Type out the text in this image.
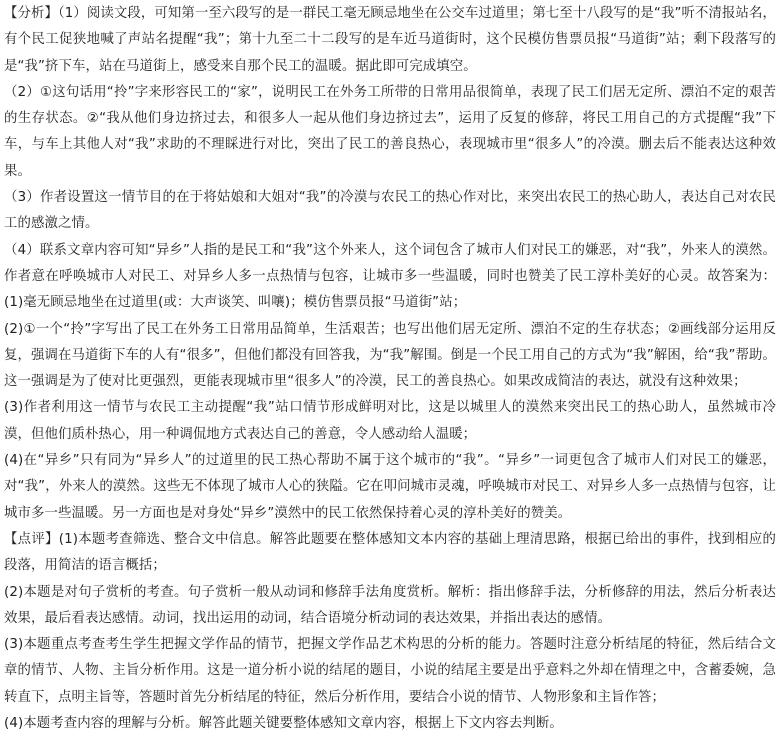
【分析】（1）阅读文段，可知第一至六段写的是一群民工毫无顾忌地坐在公交车过道里；第七至十八段写的是“我”听不清报站名，有个民工促狭地喊了声站名提醒“我”；第十九至二十二段写的是车近马道街时，这个民模仿售票员报“马道街”站；剩下段落写的是“我”挤下车，站在马道街上，感受来自那个民工的温暖。据此即可完成填空。

（2）①这句话用“拎”字来形容民工的“家”，说明民工在外务工所带的日常用品很简单，表现了民工们居无定所、漂泊不定的艰苦的生存状态。②“我从他们身边挤过去，和很多人一起从他们身边挤过去”，运用了反复的修辞，将民工用自己的方式提醒“我”下车，与车上其他人对“我”求助的不理睬进行对比，突出了民工的善良热心，表现城市里“很多人”的冷漠。删去后不能表达这种效果。

（3）作者设置这一情节目的在于将姑娘和大姐对“我”的冷漠与农民工的热心作对比，来突出农民工的热心助人，表达自己对农民工的感激之情。

（4）联系文章内容可知“异乡”人指的是民工和“我”这个外来人，这个词包含了城市人们对民工的嫌恶，对“我”，外来人的漠然。作者意在呼唤城市人对民工、对异乡人多一点热情与包容，让城市多一些温暖，同时也赞美了民工淳朴美好的心灵。故答案为：(1)毫无顾忌地坐在过道里(或：大声谈笑、叫嚷)；模仿售票员报“马道街”站；

(2)①一个“拎”字写出了民工在外务工日常用品简单，生活艰苦；也写出他们居无定所、漂泊不定的生存状态；②画线部分运用反复，强调在马道街下车的人有“很多”，但他们都没有回答我，为“我”解围。倒是一个民工用自己的方式为“我”解困，给“我”帮助。 这一强调是为了使对比更强烈，更能表现城市里“很多人”的冷漠，民工的善良热心。如果改成简洁的表达，就没有这种效果；

(3)作者利用这一情节与农民工主动提醒“我”站口情节形成鲜明对比，这是以城里人的漠然来突出民工的热心助人，虽然城市冷漠，但他们质朴热心，用一种调侃地方式表达自己的善意，令人感动给人温暖；

(4)在“异乡”只有同为“异乡人”的过道里的民工热心帮助不属于这个城市的“我”。“异乡”一词更包含了城市人们对民工的嫌恶，对“我”，外来人的漠然。这些无不体现了城市人心的狭隘。它在叩问城市灵魂，呼唤城市对民工、对异乡人多一点热情与包容，让城市多一些温暖。另一方面也是对身处“异乡”漠然中的民工依然保持着心灵的淳朴美好的赞美。

【点评】(1)本题考查筛选、整合文中信息。解答此题要在整体感知文本内容的基础上理清思路，根据已给出的事件，找到相应的段落，用简洁的语言概括；

(2)本题是对句子赏析的考查。句子赏析一般从动词和修辞手法角度赏析。解析：指出修辞手法，分析修辞的用法，然后分析表达效果，最后看表达感情。动词，找出运用的动词，结合语境分析动词的表达效果，并指出表达的感情。

(3)本题重点考查考生学生把握文学作品的情节，把握文学作品艺术构思的分析的能力。答题时注意分析结尾的特征，然后结合文章的情节、人物、主旨分析作用。这是一道分析小说的结尾的题目，小说的结尾主要是出乎意料之外却在情理之中，含蓄委婉，急转直下，点明主旨等，答题时首先分析结尾的特征，然后分析作用，要结合小说的情节、人物形象和主旨作答；

(4)本题考查内容的理解与分析。解答此题关键要整体感知文章内容，根据上下文内容去判断。
